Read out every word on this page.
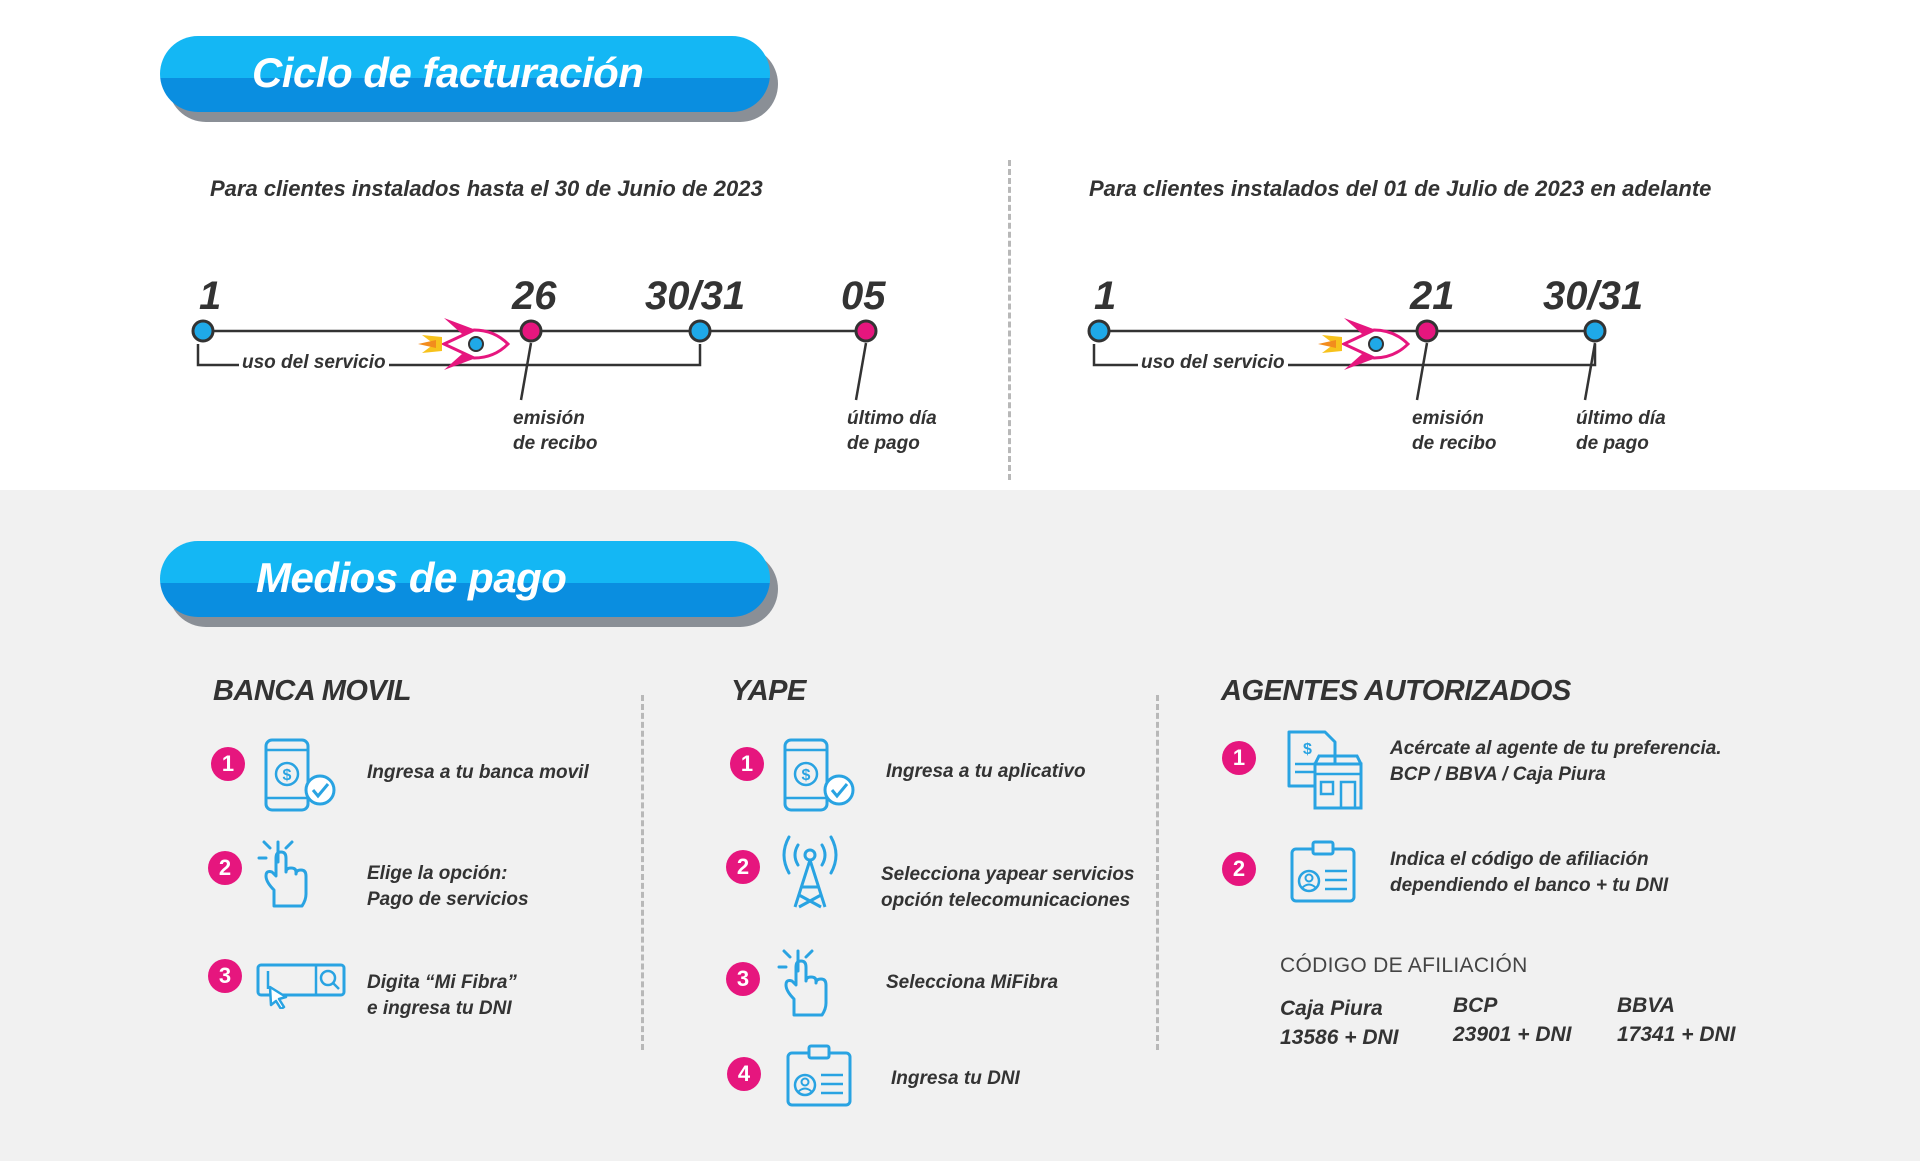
Ciclo de facturación
Para clientes instalados hasta el 30 de Junio de 2023	Para clientes instalados del 01 de Julio de 2023 en adelante
1	26 30/31 05
uso del servicio
emisión
de recibo
último día
de pago
1	21 30/31
uso del servicio
emisión
de recibo
último día
de pago
Medios de pago
BANCA MOVIL
1	$	Ingresa a tu banca movil
2	Elige la opción:
Pago de servicios
3	Digita “Mi Fibra”
e ingresa tu DNI
YAPE
1	$	Ingresa a tu aplicativo
2	Selecciona yapear servicios
opción telecomunicaciones
3	Selecciona MiFibra
4	Ingresa tu DNI
AGENTES AUTORIZADOS
1	$	Acércate al agente de tu preferencia.
BCP / BBVA / Caja Piura
2	Indica el código de afiliación
dependiendo el banco + tu DNI
CÓDIGO DE AFILIACIÓN
Caja Piura
13586 + DNI
BCP
23901 + DNI
BBVA
17341 + DNI
